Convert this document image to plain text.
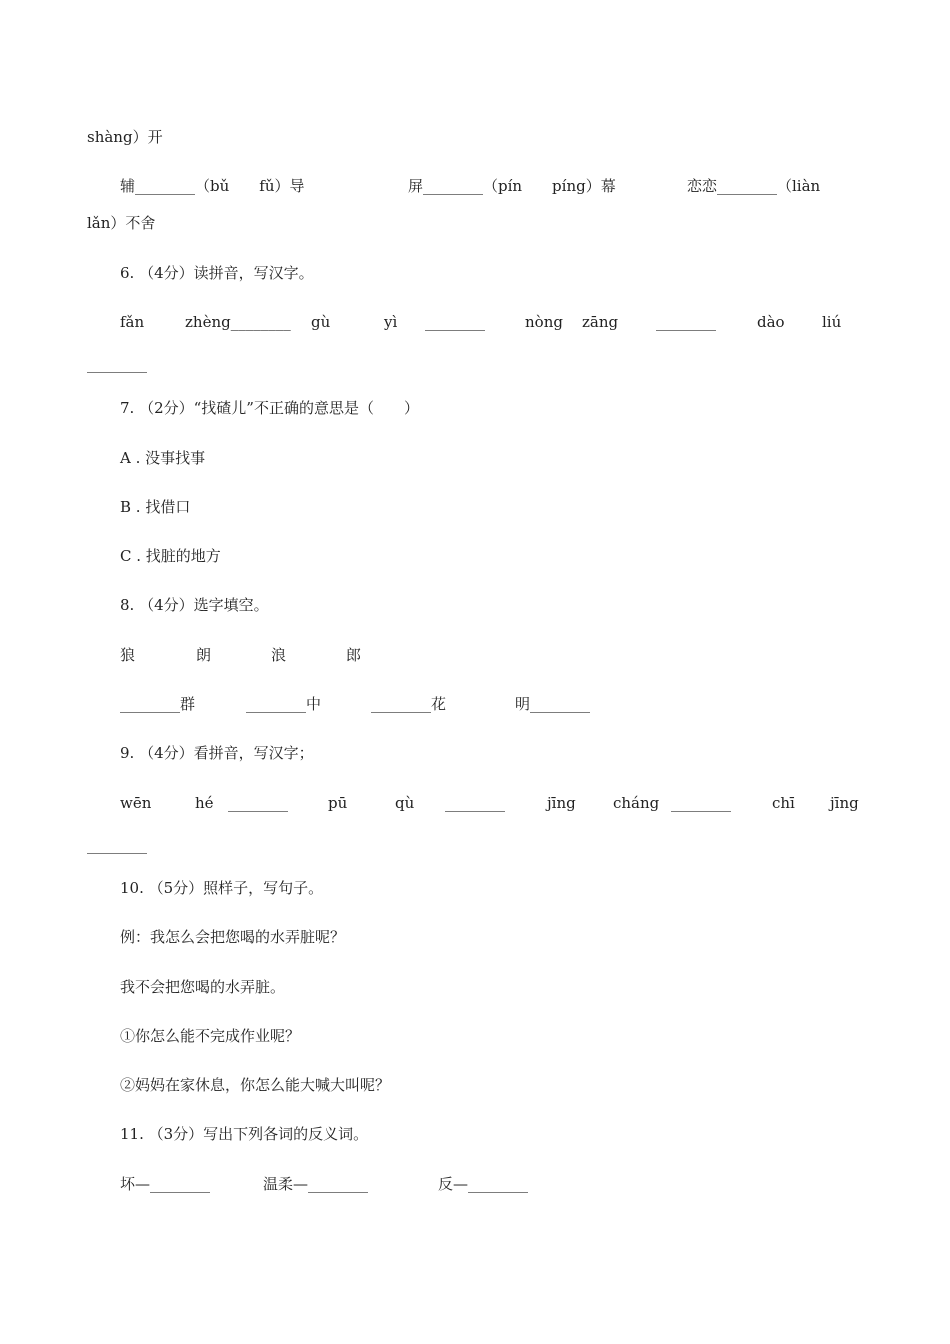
shàng）开
辅________（bǔ　　fǔ）导	屏________（pín　　píng）幕	恋恋________（liàn
lǎn）不舍
6. （4分）读拼音，写汉字。
fǎn	zhèng________ gù	yì ________	nòng zāng	________	dào liú
________
7. （2分）“找碴儿”不正确的意思是（　　）
A . 没事找事
B . 找借口
C . 找脏的地方
8. （4分）选字填空。
狼	朗	浪	郎
________群	________中	________花	明________
9. （4分）看拼音，写汉字；
wēn	hé ________	pū	qù ________	jīng cháng ________	chī jīng
________
10. （5分）照样子，写句子。
例：我怎么会把您喝的水弄脏呢？
我不会把您喝的水弄脏。
①你怎么能不完成作业呢？
②妈妈在家休息，你怎么能大喊大叫呢？
11. （3分）写出下列各词的反义词。
坏—________	温柔—________	反—________
